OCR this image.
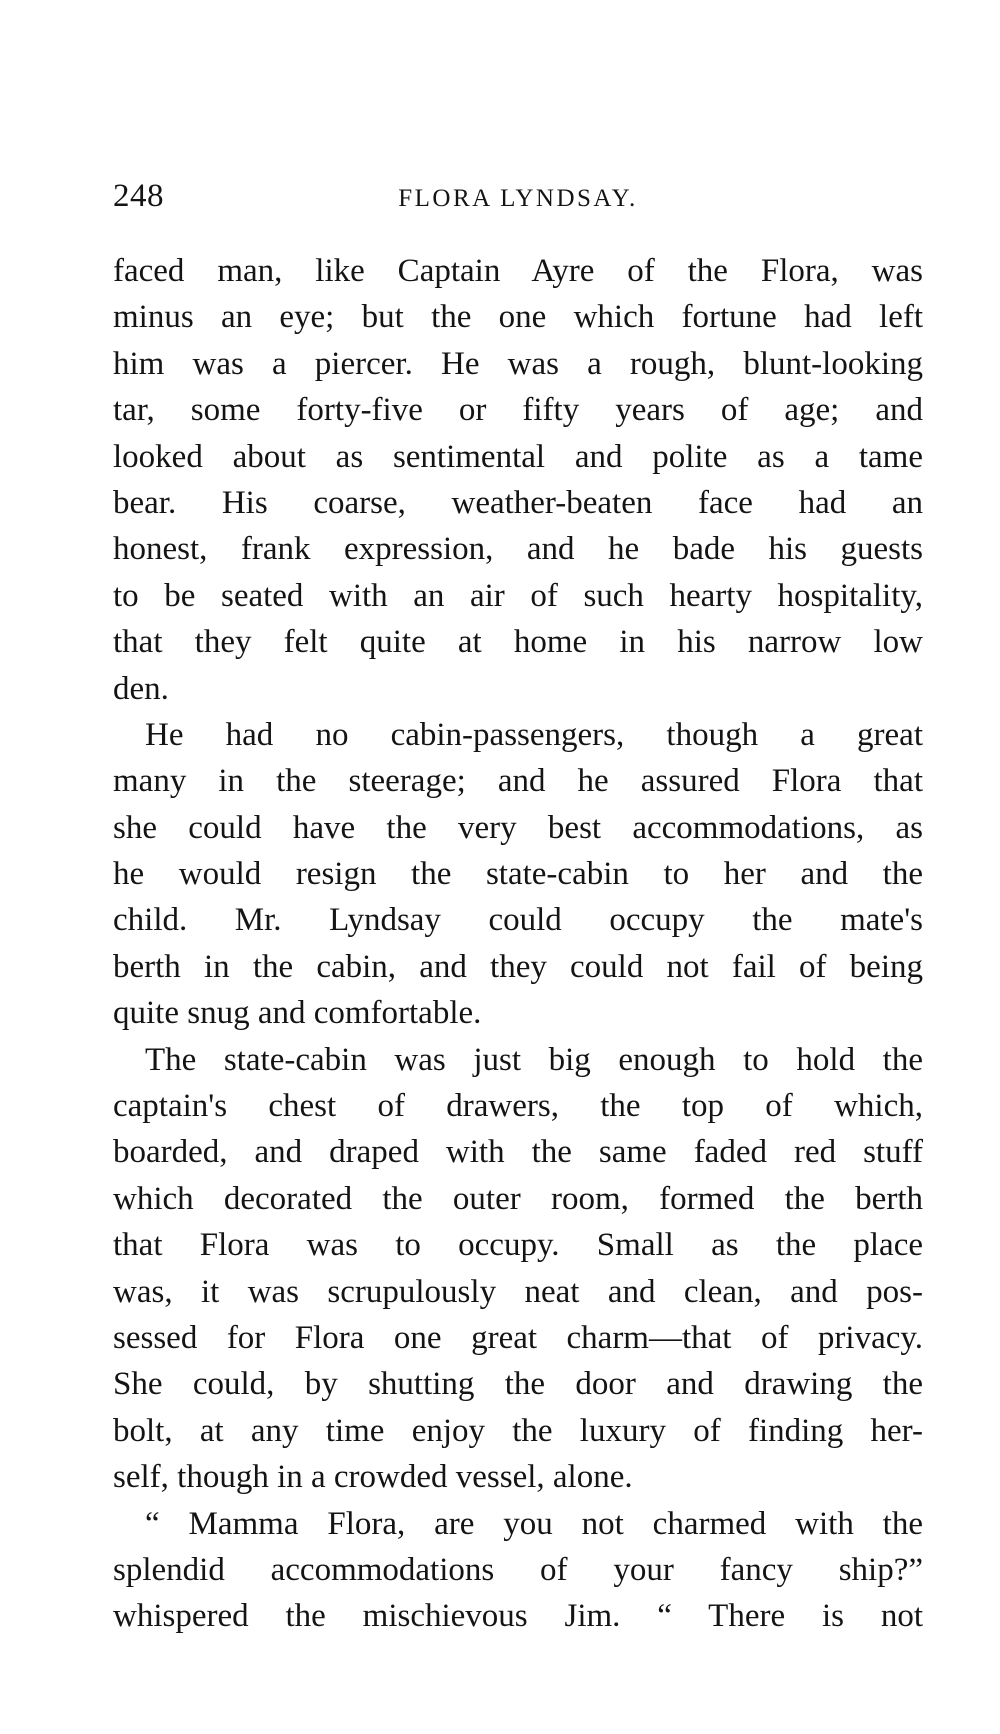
248	FLORA LYNDSAY.
faced man, like Captain Ayre of the Flora, was
minus an eye; but the one which fortune had left
him was a piercer. He was a rough, blunt-looking
tar, some forty-five or fifty years of age; and
looked about as sentimental and polite as a tame
bear. His coarse, weather-beaten face had an
honest, frank expression, and he bade his guests
to be seated with an air of such hearty hospitality,
that they felt quite at home in his narrow low
den.
He had no cabin-passengers, though a great
many in the steerage; and he assured Flora that
she could have the very best accommodations, as
he would resign the state-cabin to her and the
child. Mr. Lyndsay could occupy the mate's
berth in the cabin, and they could not fail of being
quite snug and comfortable.
The state-cabin was just big enough to hold the
captain's chest of drawers, the top of which,
boarded, and draped with the same faded red stuff
which decorated the outer room, formed the berth
that Flora was to occupy. Small as the place
was, it was scrupulously neat and clean, and pos-
sessed for Flora one great charm—that of privacy.
She could, by shutting the door and drawing the
bolt, at any time enjoy the luxury of finding her-
self, though in a crowded vessel, alone.
“ Mamma Flora, are you not charmed with the
splendid accommodations of your fancy ship?”
whispered the mischievous Jim. “ There is not
